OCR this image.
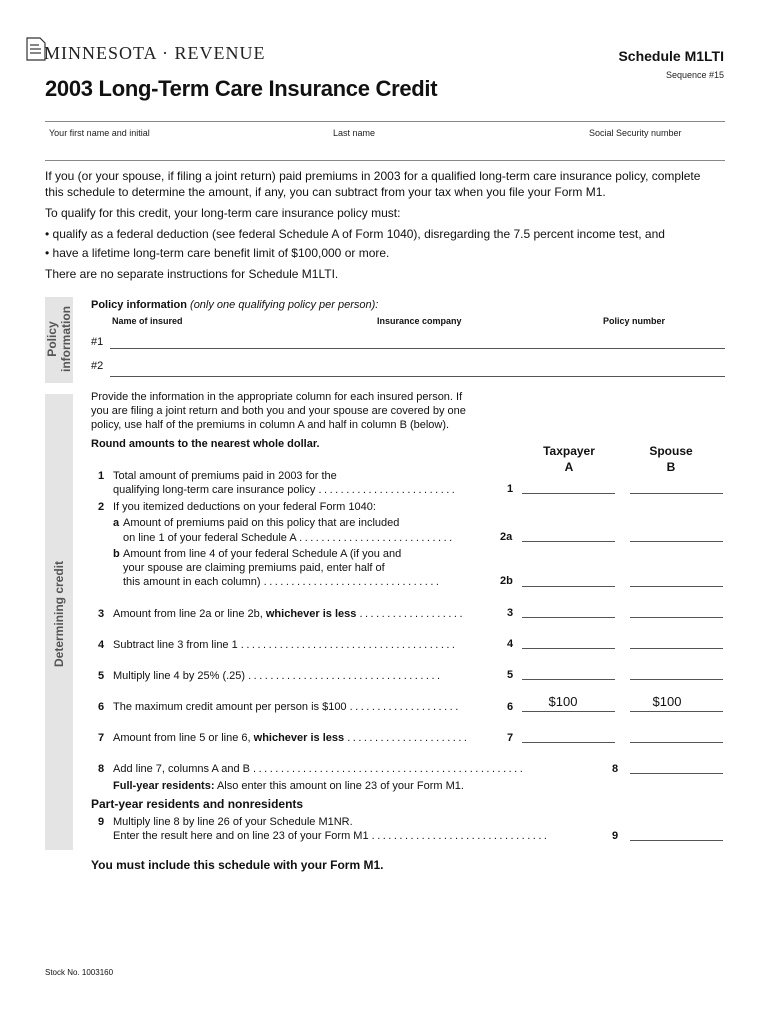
MINNESOTA · REVENUE	Schedule M1LTI
Sequence #15
2003 Long-Term Care Insurance Credit
Your first name and initial	Last name	Social Security number
If you (or your spouse, if filing a joint return) paid premiums in 2003 for a qualified long-term care insurance policy, complete
this schedule to determine the amount, if any, you can subtract from your tax when you file your Form M1.
To qualify for this credit, your long-term care insurance policy must:
• qualify as a federal deduction (see federal Schedule A of Form 1040), disregarding the 7.5 percent income test, and
• have a lifetime long-term care benefit limit of $100,000 or more.
There are no separate instructions for Schedule M1LTI.
Policy information
Policy information (only one qualifying policy per person):
Name of insured	Insurance company	Policy number
#1
#2
Determining credit
Provide the information in the appropriate column for each insured person. If
you are filing a joint return and both you and your spouse are covered by one
policy, use half of the premiums in column A and half in column B (below).
Round amounts to the nearest whole dollar.	Taxpayer
A
Spouse
B
1 Total amount of premiums paid in 2003 for the
qualifying long-term care insurance policy .........................	1
2 If you itemized deductions on your federal Form 1040:
a Amount of premiums paid on this policy that are included
on line 1 of your federal Schedule A ............................	2a
b Amount from line 4 of your federal Schedule A (if you and
your spouse are claiming premiums paid, enter half of
this amount in each column) ................................	2b
3 Amount from line 2a or line 2b, whichever is less ...................	3
4 Subtract line 3 from line 1 .......................................	4
5 Multiply line 4 by 25% (.25) ...................................	5
6 The maximum credit amount per person is $100 ....................	6	$100	$100
7 Amount from line 5 or line 6, whichever is less ......................	7
8 Add line 7, columns A and B .................................................	8
Full-year residents: Also enter this amount on line 23 of your Form M1.
Part-year residents and nonresidents
9 Multiply line 8 by line 26 of your Schedule M1NR.
Enter the result here and on line 23 of your Form M1 ................................	9
You must include this schedule with your Form M1.
Stock No. 1003160
